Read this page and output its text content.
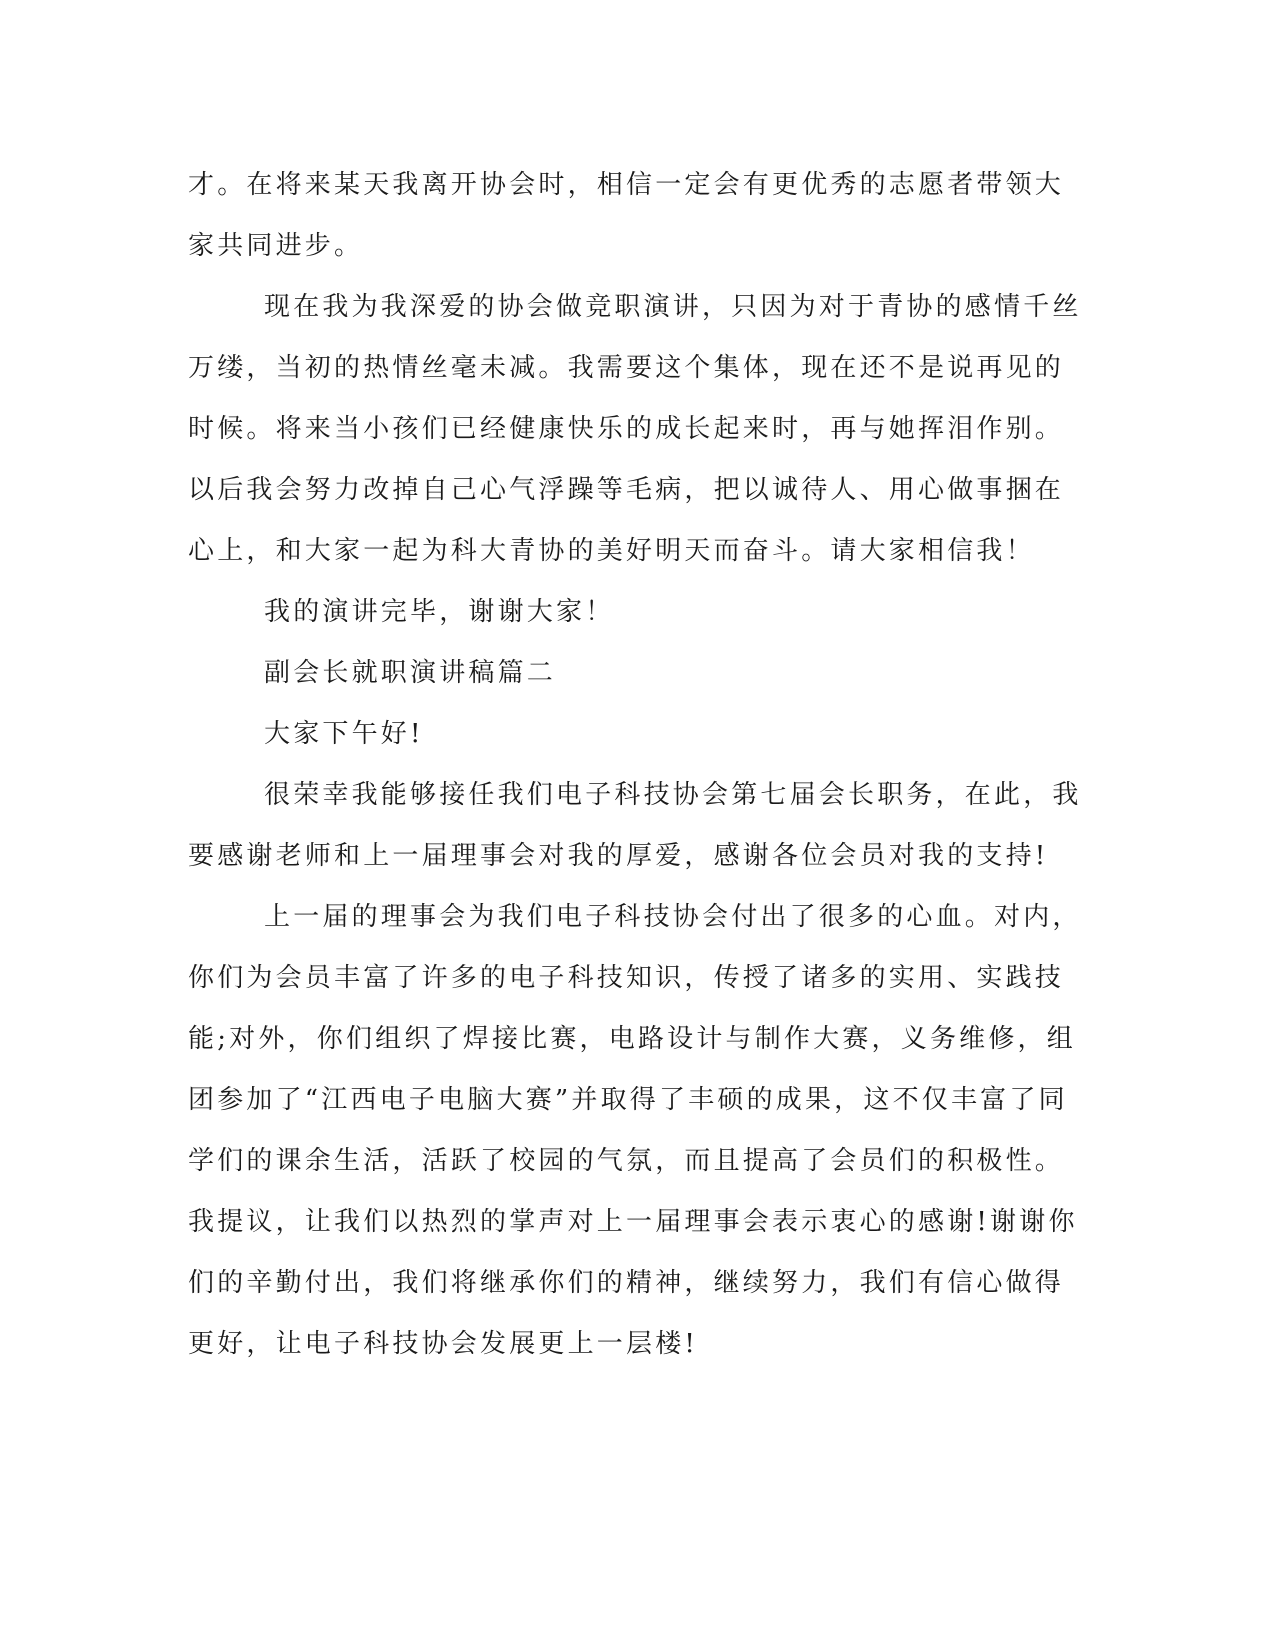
才。在将来某天我离开协会时，相信一定会有更优秀的志愿者带领大
家共同进步。
现在我为我深爱的协会做竞职演讲，只因为对于青协的感情千丝
万缕，当初的热情丝毫未减。我需要这个集体，现在还不是说再见的
时候。将来当小孩们已经健康快乐的成长起来时，再与她挥泪作别。
以后我会努力改掉自己心气浮躁等毛病，把以诚待人、用心做事捆在
心上，和大家一起为科大青协的美好明天而奋斗。请大家相信我！
我的演讲完毕，谢谢大家！
副会长就职演讲稿篇二
大家下午好!
很荣幸我能够接任我们电子科技协会第七届会长职务，在此，我
要感谢老师和上一届理事会对我的厚爱，感谢各位会员对我的支持!
上一届的理事会为我们电子科技协会付出了很多的心血。对内，
你们为会员丰富了许多的电子科技知识，传授了诸多的实用、实践技
能;对外，你们组织了焊接比赛，电路设计与制作大赛，义务维修，组
团参加了“江西电子电脑大赛”并取得了丰硕的成果，这不仅丰富了同
学们的课余生活，活跃了校园的气氛，而且提高了会员们的积极性。
我提议，让我们以热烈的掌声对上一届理事会表示衷心的感谢!谢谢你
们的辛勤付出，我们将继承你们的精神，继续努力，我们有信心做得
更好，让电子科技协会发展更上一层楼!
